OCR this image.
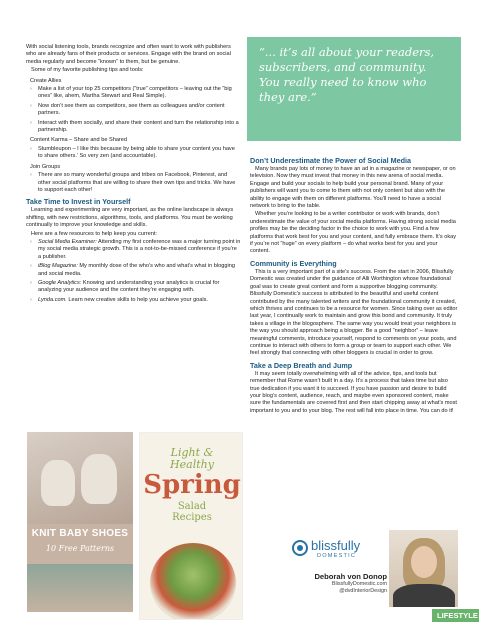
With social listening tools, brands recognize and often want to work with publishers who are already fans of their products or services. Engage with the brand on social media regularly and become “known” to them, but be genuine.
Some of my favorite publishing tips and tools:
Create Allies
›	Make a list of your top 25 competitors (“true” competitors – leaving out the “big ones” like, ahem, Martha Stewart and Real Simple).
›	Now don’t see them as competitors, see them as colleagues and/or content partners.
›	Interact with them socially, and share their content and turn the relationship into a partnership.
Content Karma – Share and be Shared
›	Stumbleupon – I like this because by being able to share your content you have to share others.’ So very zen (and accountable).
Join Groups
›	There are so many wonderful groups and tribes on Facebook, Pinterest, and other social platforms that are willing to share their own tips and tricks. We have to support each other!
Take Time to Invest in Yourself
Learning and experimenting are very important, as the online landscape is always shifting, with new restrictions, algorithms, tools, and platforms. You must be working continually to improve your knowledge and skills.
Here are a few resources to help keep you current:
›	Social Media Examiner: Attending my first conference was a major turning point in my social media strategic growth. This is a not-to-be-missed conference if you’re a publisher.
›	iBlog Magazine: My monthly dose of the who’s who and what’s what in blogging and social media.
›	Google Analytics: Knowing and understanding your analytics is crucial for analyzing your audience and the content they’re engaging with.
›	Lynda.com. Learn new creative skills to help you achieve your goals.
“... it’s all about your readers, subscribers, and community. You really need to know who they are.”
Don’t Underestimate the Power of Social Media
Many brands pay lots of money to have an ad in a magazine or newspaper, or on television. Now they must invest that money in this new arena of social media. Engage and build your socials to help build your personal brand. Many of your publishers will want you to come to them with not only content but also with the ability to engage with them on different platforms. You’ll need to have a social network to bring to the table.
Whether you’re looking to be a writer contributor or work with brands, don’t underestimate the value of your social media platforms. Having strong social media profiles may be the deciding factor in the choice to work with you. Find a few platforms that work best for you and your content, and fully embrace them. It’s okay if you’re not “huge” on every platform – do what works best for you and your content.
Community is Everything
This is a very important part of a site’s success. From the start in 2006, Blissfully Domestic was created under the guidance of Alli Worthington whose foundational goal was to create great content and form a supportive blogging community. Blissfully Domestic’s success is attributed to the beautiful and useful content contributed by the many talented writers and the foundational community it created, which thrives and continues to be a resource for women. Since taking over as editor last year, I continually work to maintain and grow this bond and community. It truly takes a village in the blogosphere. The same way you would treat your neighbors is the way you should approach being a blogger. Be a good “neighbor” – leave meaningful comments, introduce yourself, respond to comments on your posts, and continue to interact with others to form a group or team to support each other. We feel strongly that connecting with other bloggers is crucial in order to grow.
Take a Deep Breath and Jump
It may seem totally overwhelming with all of the advice, tips, and tools but remember that Rome wasn’t built in a day. It’s a process that takes time but also true dedication if you want it to succeed. If you have passion and desire to build your blog’s content, audience, reach, and maybe even sponsored content, make sure the fundamentals are covered first and then start chipping away at what’s most important to you and to your blog. The rest will fall into place in time. You can do it!
KNIT BABY SHOES
10 Free Patterns
Light &
Healthy
Spring
Salad
Recipes
blissfully
DOMESTIC
Deborah von Donop
BlissfullyDomestic.com
@dvdInteriorDesign
LIFESTYLE
